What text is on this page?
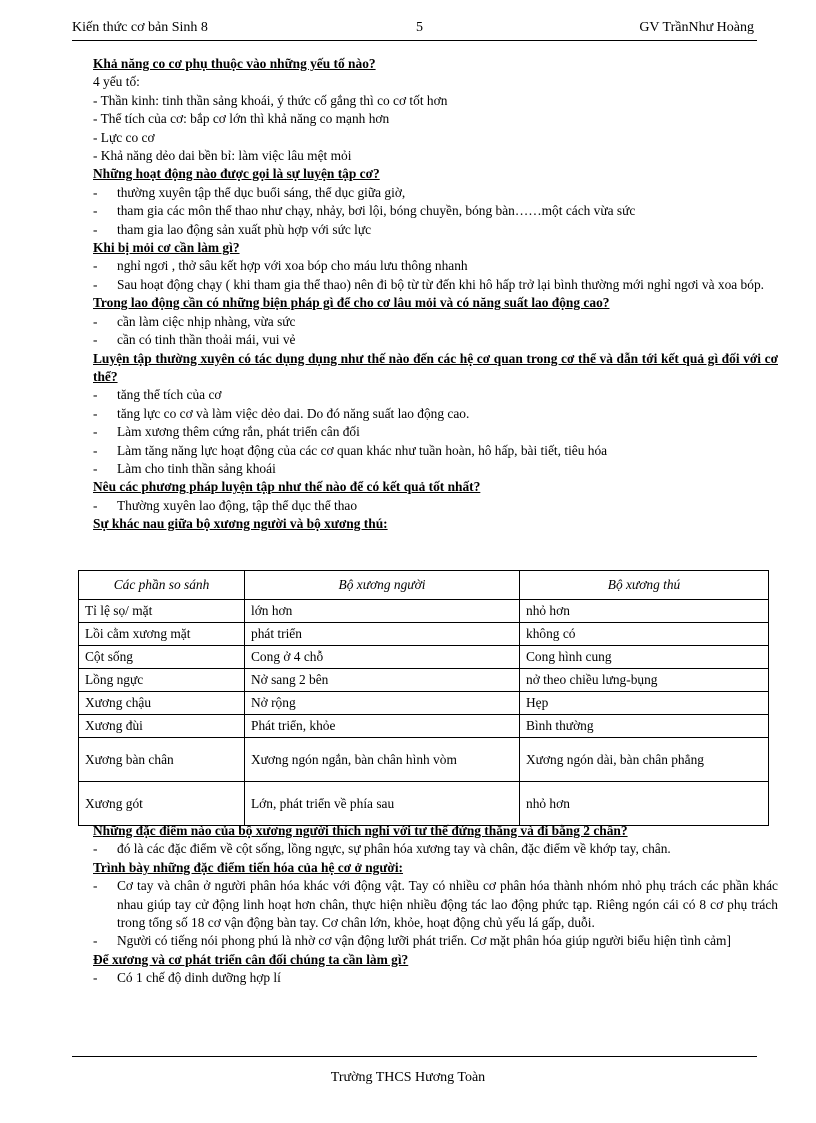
Kiến thức cơ bản Sinh 8	5	GV TrầnNhư Hoàng
Khả năng co cơ phụ thuộc vào những yếu tố nào?
4 yếu tố:
- Thần kinh: tinh thần sảng khoái, ý thức cố gắng thì co cơ tốt hơn
- Thể tích của cơ: bắp cơ lớn thì khả năng co mạnh hơn
- Lực co cơ
- Khả năng dẻo dai bền bỉ: làm việc lâu mệt mỏi
Những hoạt động nào được gọi là sự luyện tập cơ?
- thường xuyên tập thể dục buổi sáng, thể dục giữa giờ,
- tham gia các môn thể thao như chạy, nhảy, bơi lội, bóng chuyền, bóng bàn……một cách vừa sức
- tham gia lao động sản xuất phù hợp với sức lực
Khi bị mỏi cơ cần làm gì?
- nghỉ ngơi , thở sâu kết hợp với xoa bóp cho máu lưu thông nhanh
- Sau hoạt động chạy ( khi tham gia thể thao) nên đi bộ từ từ đến khi hô hấp trở lại bình thường mới nghỉ ngơi và xoa bóp.
Trong lao động cần có những biện pháp gì để cho cơ lâu mỏi và có năng suất lao động cao?
- cần làm ciệc nhịp nhàng, vừa sức
- cần có tinh thần thoải mái, vui vẻ
Luyện tập thường xuyên có tác dụng dụng như thế nào đến các hệ cơ quan trong cơ thể và dẫn tới kết quả gì đối với cơ thể?
- tăng thể tích của cơ
- tăng lực co cơ và làm việc dẻo dai. Do đó năng suất lao động cao.
- Làm xương thêm cứng rắn, phát triển cân đối
- Làm tăng năng lực hoạt động của các cơ quan khác như tuần hoàn, hô hấp, bài tiết, tiêu hóa
- Làm cho tinh thần sảng khoái
Nêu các phương pháp luyện tập như thế nào để có kết quả tốt nhất?
- Thường xuyên lao động, tập thể dục thể thao
Sự khác nau giữa bộ xương người và bộ xương thú:
Các phần so sánh	Bộ xương người	Bộ xương thú
Tỉ lệ sọ/ mặt	lớn hơn	nhỏ hơn
Lồi cằm xương mặt	phát triển	không có
Cột sống	Cong ở 4 chỗ	Cong hình cung
Lồng ngực	Nở sang 2 bên	nở theo chiều lưng-bụng
Xương chậu	Nở rộng	Hẹp
Xương đùi	Phát triển, khỏe	Bình thường
Xương bàn chân	Xương ngón ngắn, bàn chân hình vòm	Xương ngón dài, bàn chân phẳng
Xương gót	Lớn, phát triển về phía sau	nhỏ hơn
Những đặc điểm nào của bộ xương người thích nghi với tư thế đứng thẳng và đi bằng 2 chân?
- đó là các đặc điểm về cột sống, lồng ngực, sự phân hóa xương tay và chân, đặc điểm về khớp tay, chân.
Trình bày những đặc điểm tiến hóa của hệ cơ ở người:
- Cơ tay và chân ở người phân hóa khác với động vật. Tay có nhiều cơ phân hóa thành nhóm nhỏ phụ trách các phần khác nhau giúp tay cử động linh hoạt hơn chân, thực hiện nhiều động tác lao động phức tạp. Riêng ngón cái có 8 cơ phụ trách trong tổng số 18 cơ vận động bàn tay. Cơ chân lớn, khỏe, hoạt động chủ yếu lá gấp, duỗi.
- Người có tiếng nói phong phú là nhờ cơ vận động lưỡi phát triển. Cơ mặt phân hóa giúp người biểu hiện tình cảm]
Để xương và cơ phát triển cân đối chúng ta cần làm gì?
- Có 1 chế độ dinh dưỡng hợp lí
Trường THCS Hương Toàn
